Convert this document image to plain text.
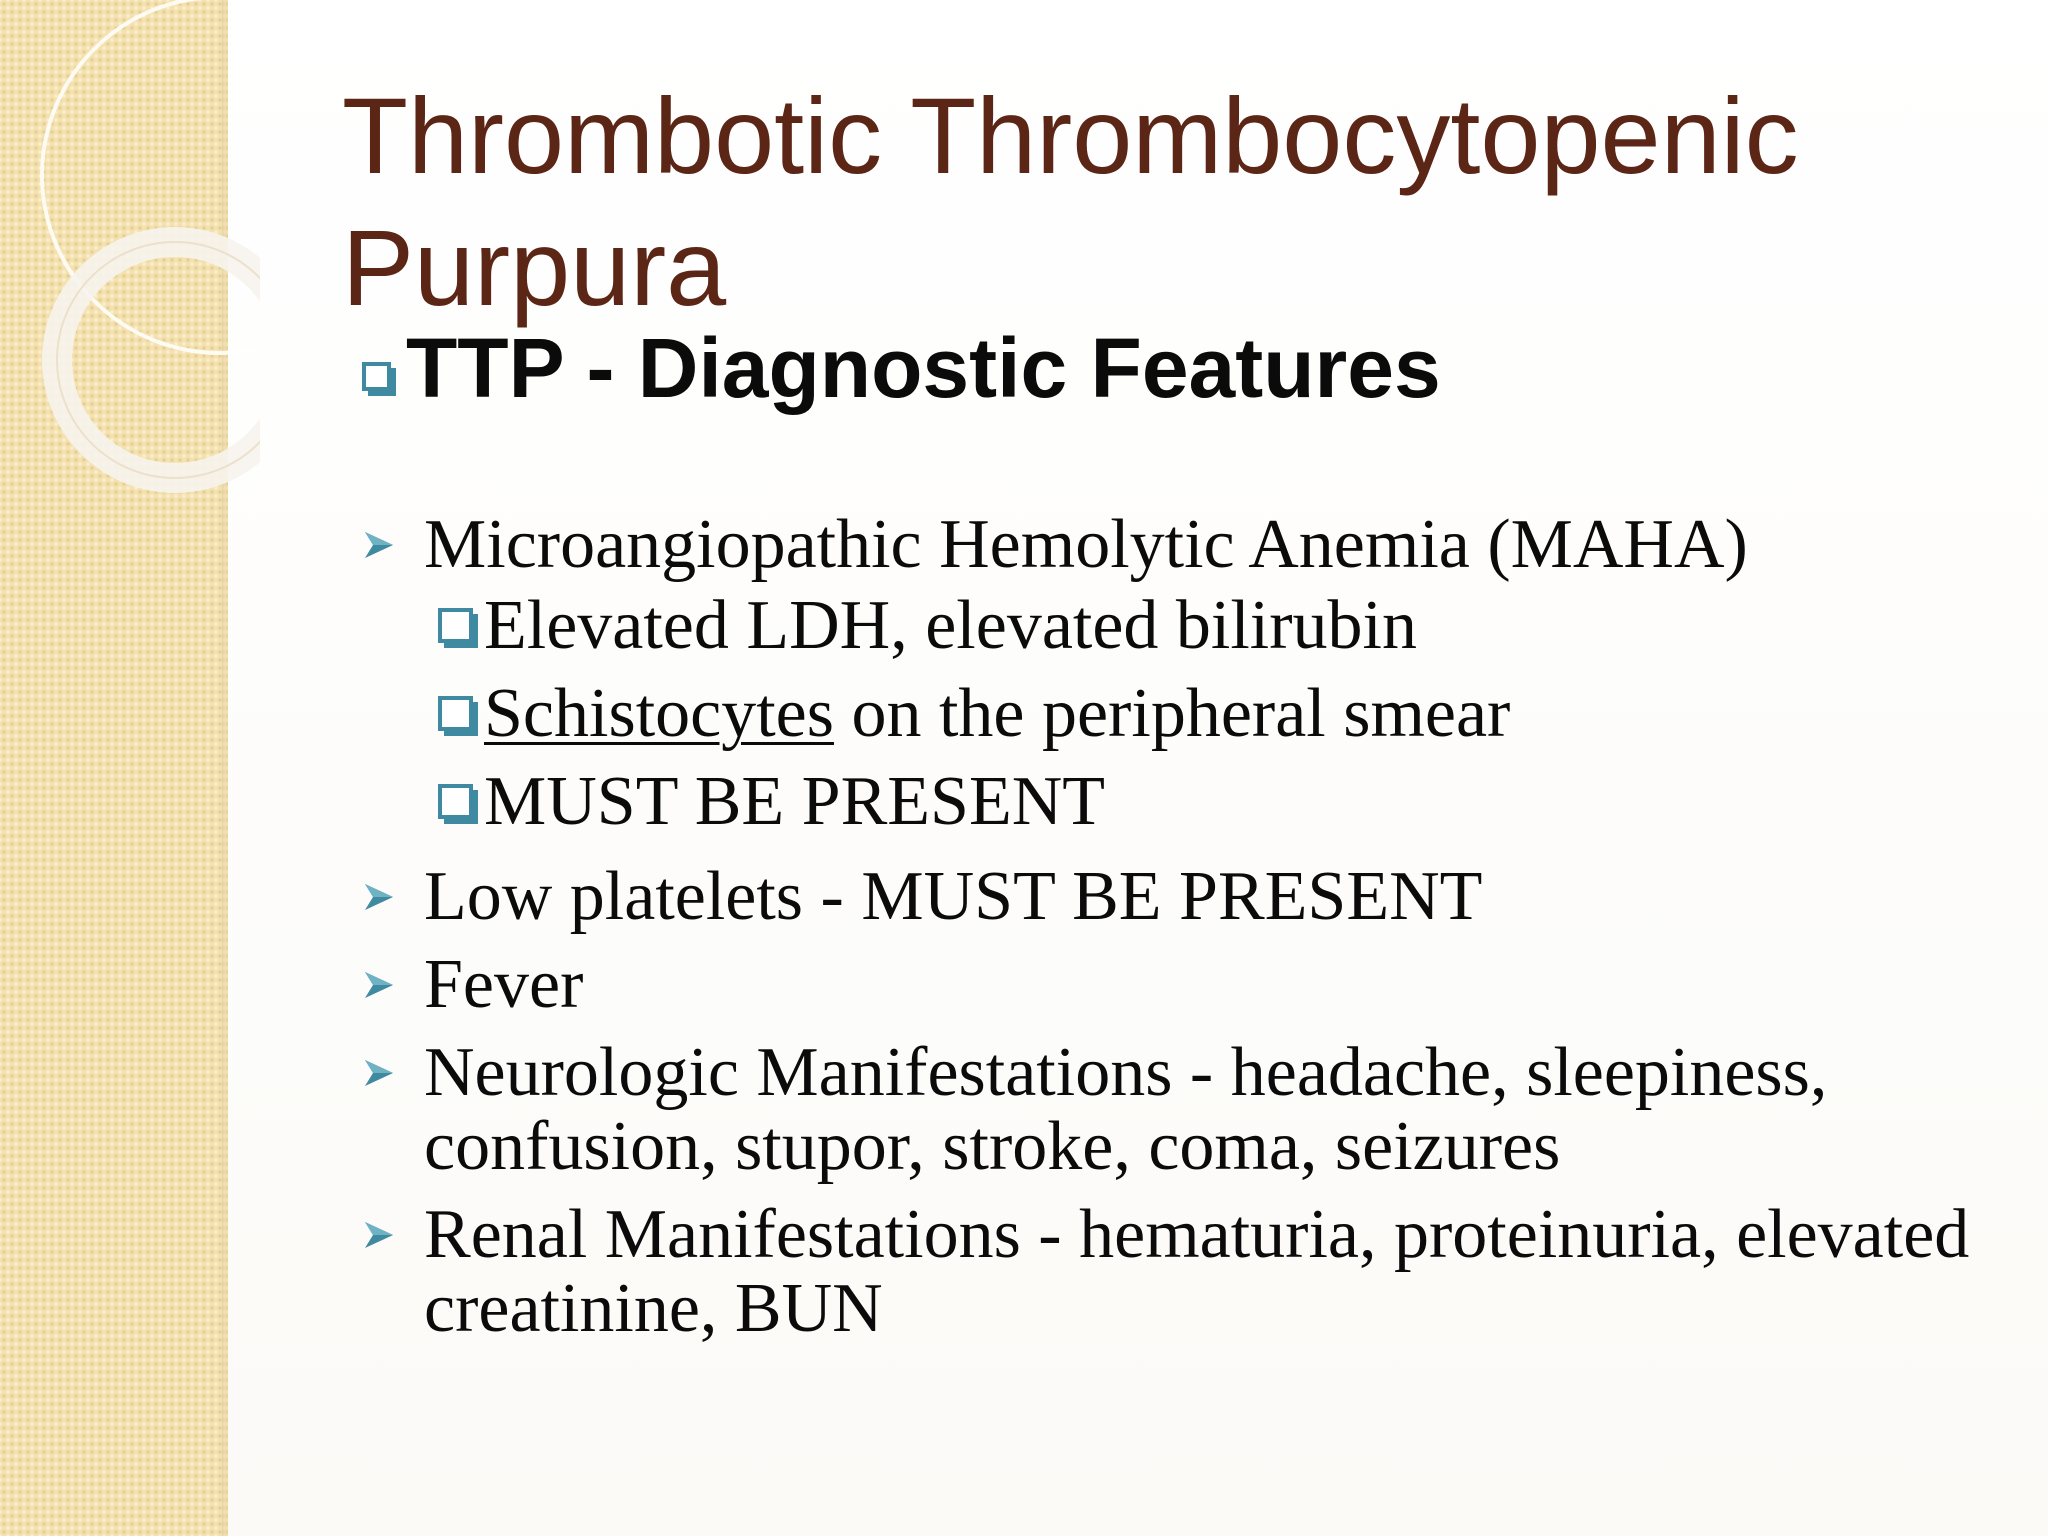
Thrombotic Thrombocytopenic Purpura
TTP - Diagnostic Features
Microangiopathic Hemolytic Anemia (MAHA)
Elevated LDH, elevated bilirubin
Schistocytes on the peripheral smear
MUST BE PRESENT
Low platelets - MUST BE PRESENT
Fever
Neurologic Manifestations - headache, sleepiness, confusion, stupor, stroke, coma, seizures
Renal Manifestations - hematuria, proteinuria, elevated creatinine, BUN
